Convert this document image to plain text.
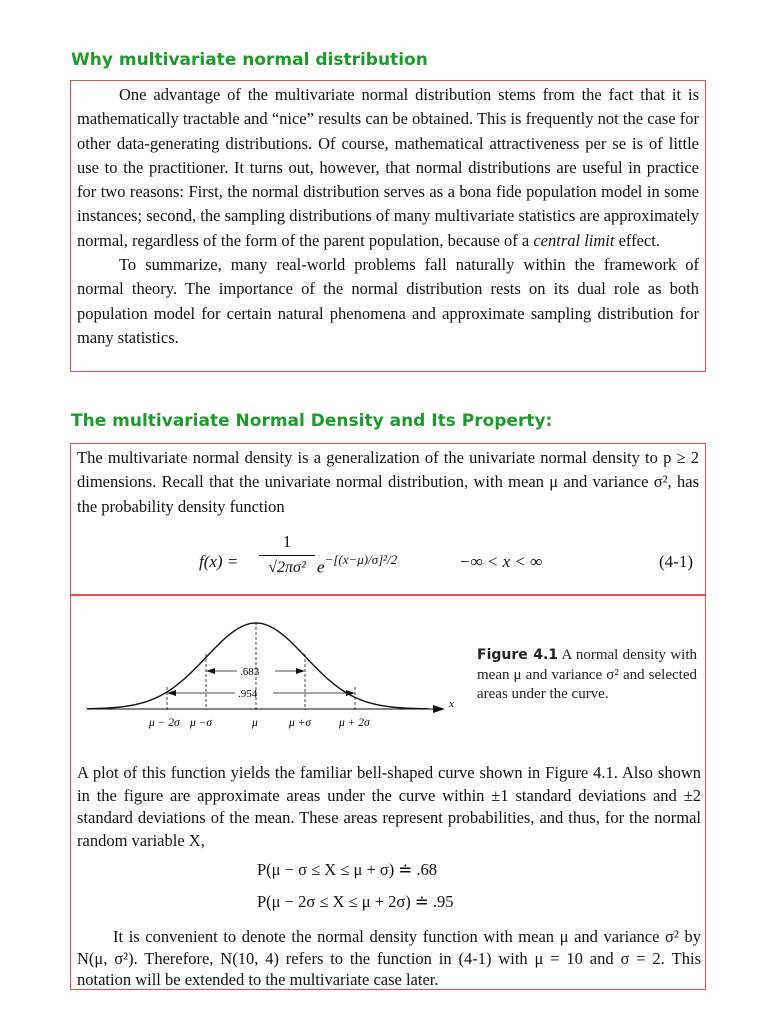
Why multivariate normal distribution

One advantage of the multivariate normal distribution stems from the fact that it is mathematically tractable and “nice” results can be obtained. This is frequently not the case for other data-generating distributions. Of course, mathematical attractiveness per se is of little use to the practitioner. It turns out, however, that normal distributions are useful in practice for two reasons: First, the normal distribution serves as a bona fide population model in some instances; second, the sampling distributions of many multivariate statistics are approximately normal, regardless of the form of the parent population, because of a central limit effect.

To summarize, many real-world problems fall naturally within the framework of normal theory. The importance of the normal distribution rests on its dual role as both population model for certain natural phenomena and approximate sampling distribution for many statistics.

The multivariate Normal Density and Its Property:

The multivariate normal density is a generalization of the univariate normal density to p ≥ 2 dimensions. Recall that the univariate normal distribution, with mean μ and variance σ², has the probability density function

$f(x) = \frac{1}{\text{√2πσ²}} e^{-[(x-\mu)/\sigma]^2/2}$	−∞ < x < ∞	(4-1)
x
.683
.954
μ − 2σ μ −σ	μ	μ +σ μ + 2σ
Figure 4.1 A normal density with mean μ and variance σ² and selected areas under the curve.
A plot of this function yields the familiar bell-shaped curve shown in Figure 4.1. Also shown in the figure are approximate areas under the curve within ±1 standard deviations and ±2 standard deviations of the mean. These areas represent probabilities, and thus, for the normal random variable X,
P(μ − σ ≤ X ≤ μ + σ) ≐ .68
P(μ − 2σ ≤ X ≤ μ + 2σ) ≐ .95
It is convenient to denote the normal density function with mean μ and variance σ² by N(μ, σ²). Therefore, N(10, 4) refers to the function in (4-1) with μ = 10 and σ = 2. This notation will be extended to the multivariate case later.
